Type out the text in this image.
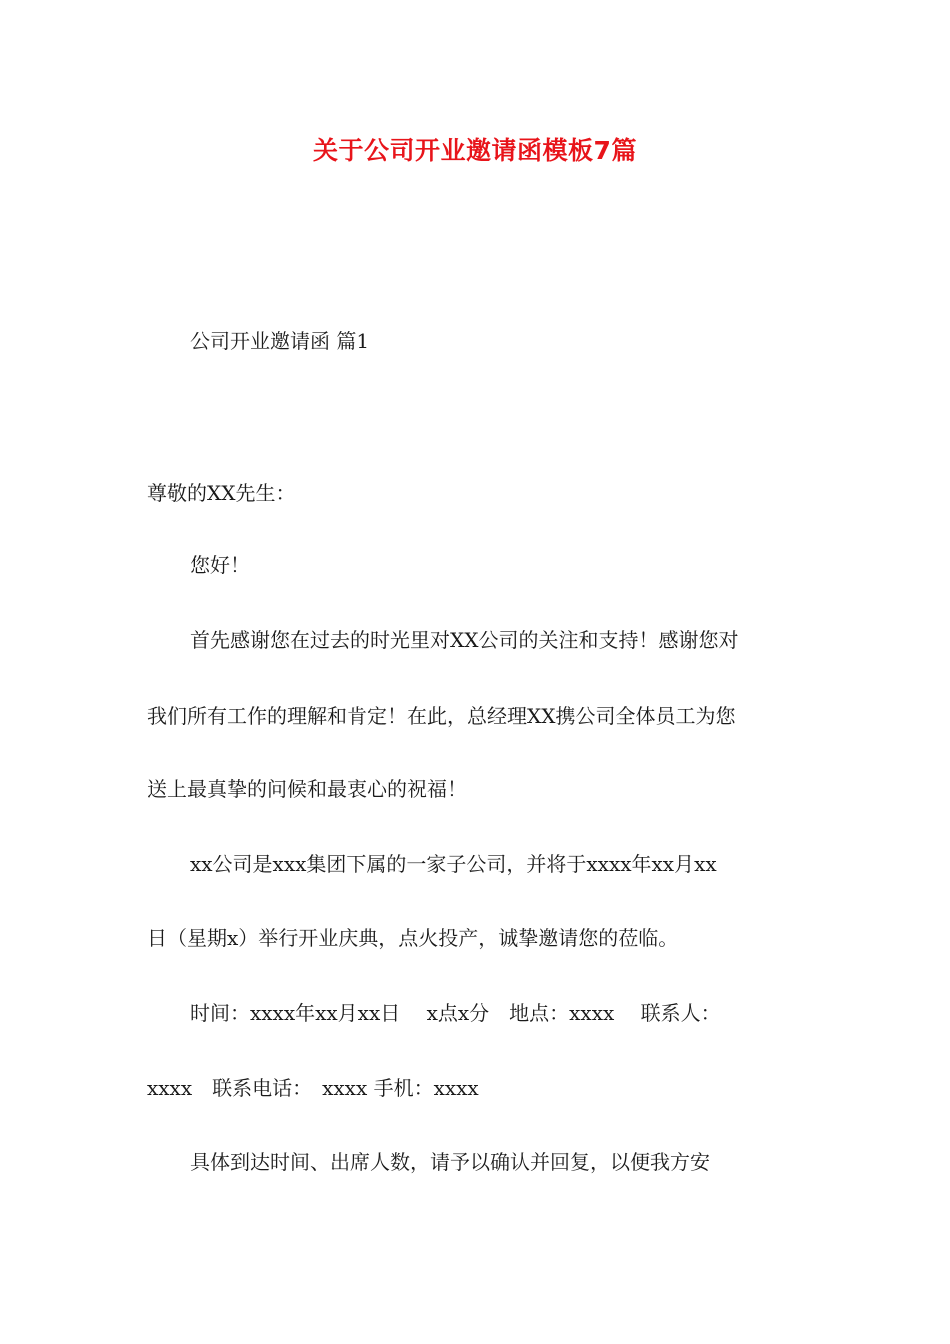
关于公司开业邀请函模板7篇
公司开业邀请函 篇1
尊敬的XX先生：
您好！
首先感谢您在过去的时光里对XX公司的关注和支持！感谢您对
我们所有工作的理解和肯定！在此，总经理XX携公司全体员工为您
送上最真挚的问候和最衷心的祝福！
xx公司是xxx集团下属的一家子公司，并将于xxxx年xx月xx
日（星期x）举行开业庆典，点火投产，诚挚邀请您的莅临。
时间：xxxx年xx月xx日　 x点x分　地点：xxxx　 联系人：
xxxx　联系电话：　xxxx 手机：xxxx
具体到达时间、出席人数，请予以确认并回复，以便我方安
